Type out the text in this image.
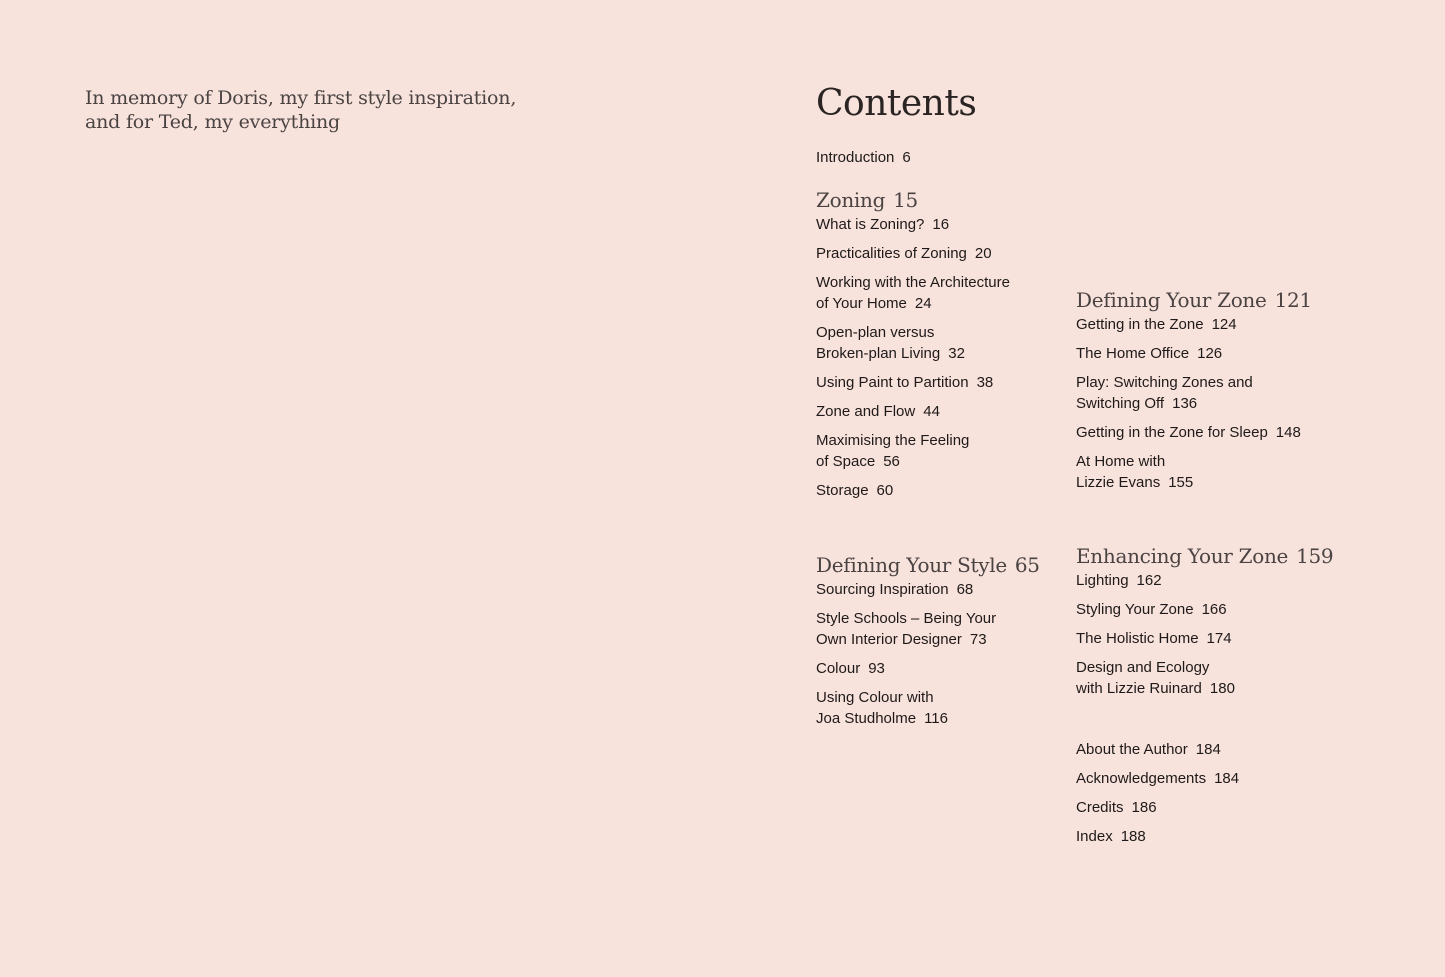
In memory of Doris, my first style inspiration,
and for Ted, my everything	Contents
Introduction 6
Zoning 15
What is Zoning? 16
Practicalities of Zoning 20
Working with the Architecture
of Your Home 24
Open-plan versus
Broken-plan Living 32
Using Paint to Partition 38
Zone and Flow 44
Maximising the Feeling
of Space 56
Storage 60
Defining Your Style 65
Sourcing Inspiration 68
Style Schools – Being Your
Own Interior Designer 73
Colour 93
Using Colour with
Joa Studholme 116
Defining Your Zone 121
Getting in the Zone 124
The Home Office 126
Play: Switching Zones and
Switching Off 136
Getting in the Zone for Sleep 148
At Home with
Lizzie Evans 155
Enhancing Your Zone 159
Lighting 162
Styling Your Zone 166
The Holistic Home 174
Design and Ecology
with Lizzie Ruinard 180
About the Author 184
Acknowledgements 184
Credits 186
Index 188
